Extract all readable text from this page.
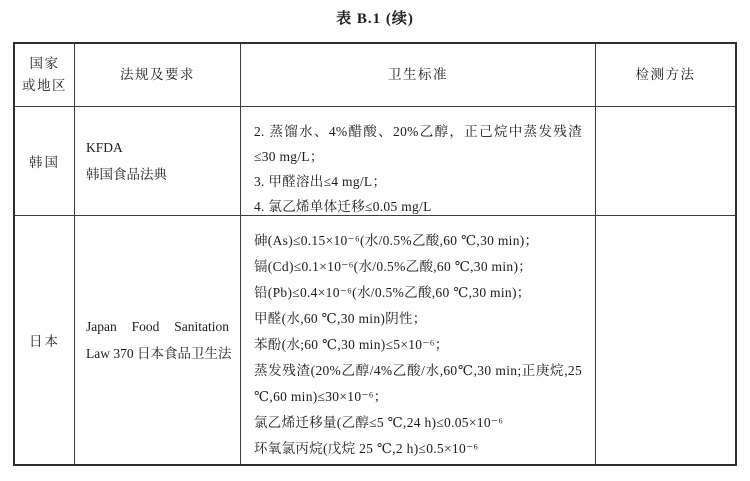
表 B.1 (续)
国家
或地区
法规及要求	卫生标准	检测方法
韩国

KFDA

韩国食品法典

2. 蒸馏水、4%醋酸、20%乙醇，正己烷中蒸发残渣≤30 mg/L；

3. 甲醛溶出≤4 mg/L；

4. 氯乙烯单体迁移≤0.05 mg/L

日本

Japan Food Sanitation

Law 370 日本食品卫生法

砷(As)≤0.15×10⁻⁶(水/0.5%乙酸,60 ℃,30 min)；

镉(Cd)≤0.1×10⁻⁶(水/0.5%乙酸,60 ℃,30 min)；

铅(Pb)≤0.4×10⁻⁶(水/0.5%乙酸,60 ℃,30 min)；

甲醛(水,60 ℃,30 min)阴性；

苯酚(水;60 ℃,30 min)≤5×10⁻⁶；

蒸发残渣(20%乙醇/4%乙酸/水,60℃,30 min;正庚烷,25 ℃,60 min)≤30×10⁻⁶；

氯乙烯迁移量(乙醇≤5 ℃,24 h)≤0.05×10⁻⁶

环氧氯丙烷(戊烷 25 ℃,2 h)≤0.5×10⁻⁶
